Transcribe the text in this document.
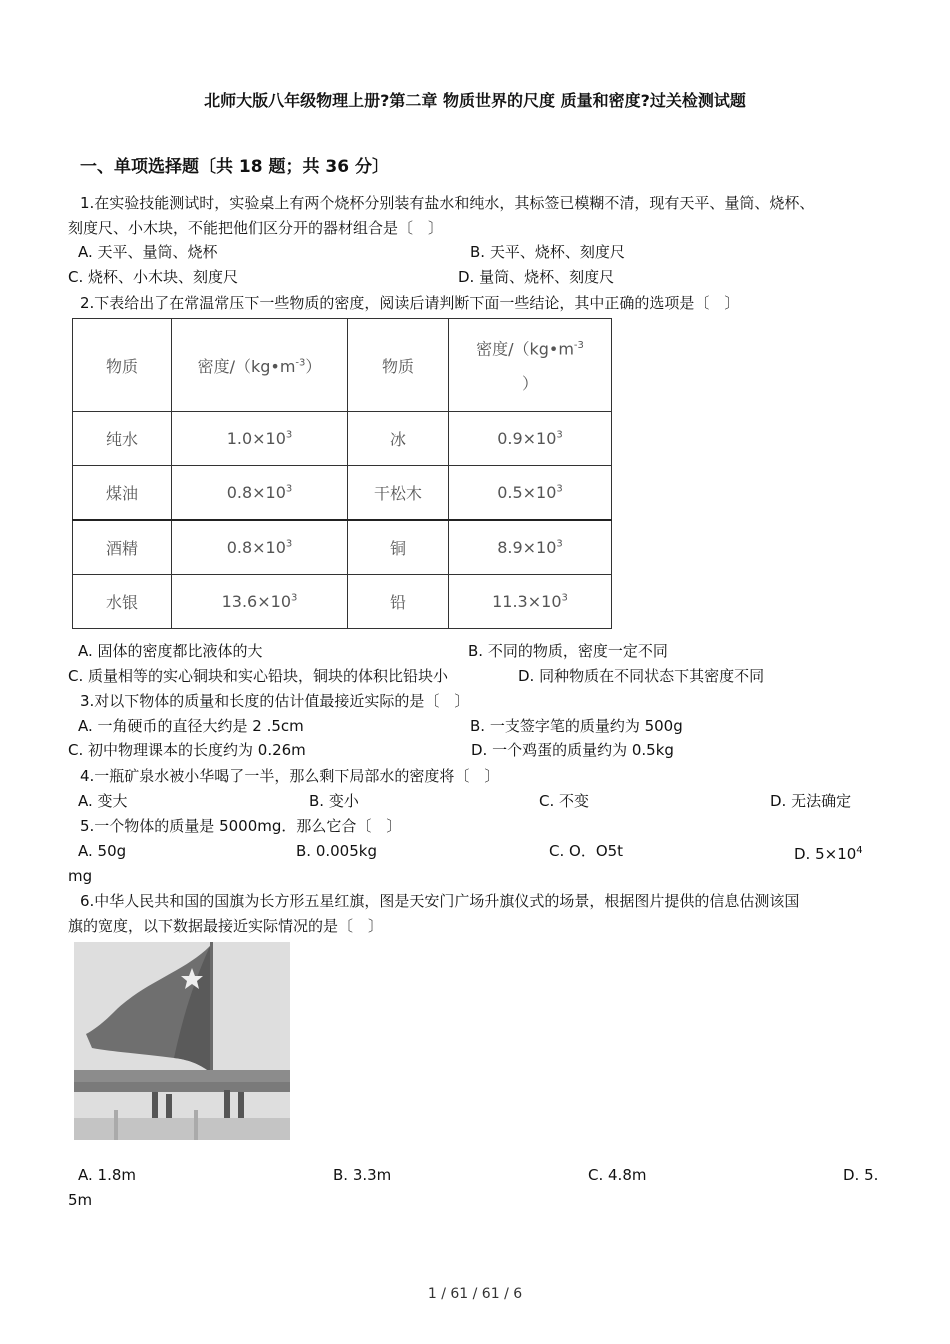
北师大版八年级物理上册?第二章 物质世界的尺度 质量和密度?过关检测试题
一、单项选择题〔共 18 题；共 36 分〕
1.在实验技能测试时，实验桌上有两个烧杯分别装有盐水和纯水，其标签已模糊不清，现有天平、量筒、烧杯、
刻度尺、小木块，不能把他们区分开的器材组合是〔　〕
A. 天平、量筒、烧杯	B. 天平、烧杯、刻度尺
C. 烧杯、小木块、刻度尺	D. 量筒、烧杯、刻度尺
2.下表给出了在常温常压下一些物质的密度，阅读后请判断下面一些结论，其中正确的选项是〔　〕
物质	密度$/(kg•m^{-3})$	物质	密度$/(kg•m^{-3}$
）
纯水	$1.0\times 10^3$	冰	$0.9\times 10^3$
煤油	$0.8\times 10^3$	干松木	$0.5\times 10^3$
酒精	$0.8\times 10^3$	铜	$8.9\times 10^3$
水银	$13.6\times 10^3$	铅	$11.3\times 10^3$
A. 固体的密度都比液体的大	B. 不同的物质，密度一定不同
C. 质量相等的实心铜块和实心铅块，铜块的体积比铅块小	D. 同种物质在不同状态下其密度不同
3.对以下物体的质量和长度的估计值最接近实际的是〔　〕
A. 一角硬币的直径大约是 2 .5cm	B. 一支签字笔的质量约为 500g
C. 初中物理课本的长度约为 0.26m	D. 一个鸡蛋的质量约为 0.5kg
4.一瓶矿泉水被小华喝了一半，那么剩下局部水的密度将〔　〕
A. 变大	B. 变小	C. 不变	D. 无法确定
5.一个物体的质量是 5000mg．那么它合〔　〕
A. 50g	B. 0.005kg	C. O．O5t	D. $5\times 10^4$
mg
6.中华人民共和国的国旗为长方形五星红旗，图是天安门广场升旗仪式的场景，根据图片提供的信息估测该国
旗的宽度，以下数据最接近实际情况的是〔　〕
A. 1.8m	B. 3.3m	C. 4.8m	D. 5.
5m
1 / 61 / 61 / 6
